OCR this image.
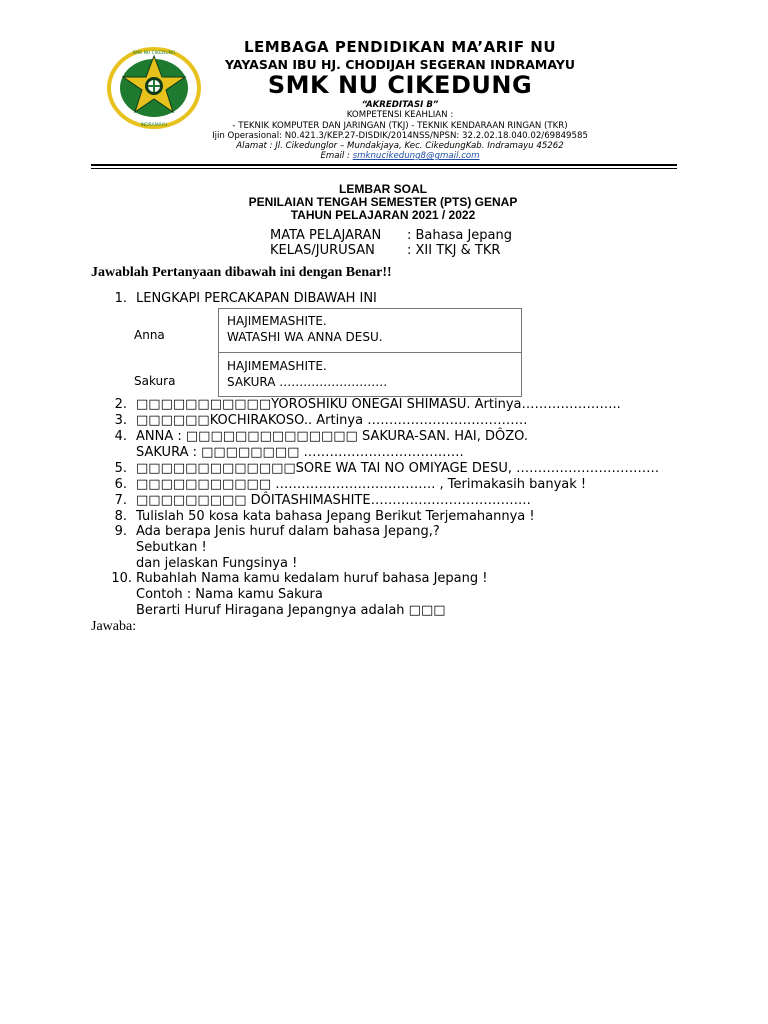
SMK NU CIKEDUNG
INDRAMAYU
LEMBAGA PENDIDIKAN MA’ARIF NU
YAYASAN IBU HJ. CHODIJAH SEGERAN INDRAMAYU
SMK NU CIKEDUNG
“AKREDITASI B”
KOMPETENSI KEAHLIAN :
- TEKNIK KOMPUTER DAN JARINGAN (TKJ) - TEKNIK KENDARAAN RINGAN (TKR)
Ijin Operasional: N0.421.3/KEP.27-DISDIK/2014NSS/NPSN: 32.2.02.18.040.02/69849585
Alamat : Jl. Cikedunglor – Mundakjaya, Kec. CikedungKab. Indramayu 45262
Email : smknucikedung8@gmail.com
LEMBAR SOAL
PENILAIAN TENGAH SEMESTER (PTS) GENAP
TAHUN PELAJARAN 2021 / 2022
MATA PELAJARAN : Bahasa Jepang
KELAS/JURUSAN : XII TKJ & TKR
Jawablah Pertanyaan dibawah ini dengan Benar!!
1. LENGKAPI PERCAKAPAN DIBAWAH INI
Anna	HAJIMEMASHITE.
WATASHI WA ANNA DESU.

Sakura	HAJIMEMASHITE.
SAKURA ………………………
2. □□□□□□□□□□□YOROSHIKU ONEGAI SHIMASU. Artinya…………………..
3. □□□□□□KOCHIRAKOSO.. Artinya ……………………………….
4. ANNA : □□□□□□□□□□□□□□ SAKURA-SAN. HAI, DÔZO.
SAKURA : □□□□□□□□ ……………………………….
5. □□□□□□□□□□□□□SORE WA TAI NO OMIYAGE DESU, ……………………………
6. □□□□□□□□□□□ ………………………………. , Terimakasih banyak !
7. □□□□□□□□□ DÔITASHIMASHITE……………………………….
8. Tulislah 50 kosa kata bahasa Jepang Berikut Terjemahannya !
9. Ada berapa Jenis huruf dalam bahasa Jepang,?
Sebutkan !
dan jelaskan Fungsinya !
10. Rubahlah Nama kamu kedalam huruf bahasa Jepang !
Contoh : Nama kamu Sakura
Berarti Huruf Hiragana Jepangnya adalah □□□
Jawaba:
